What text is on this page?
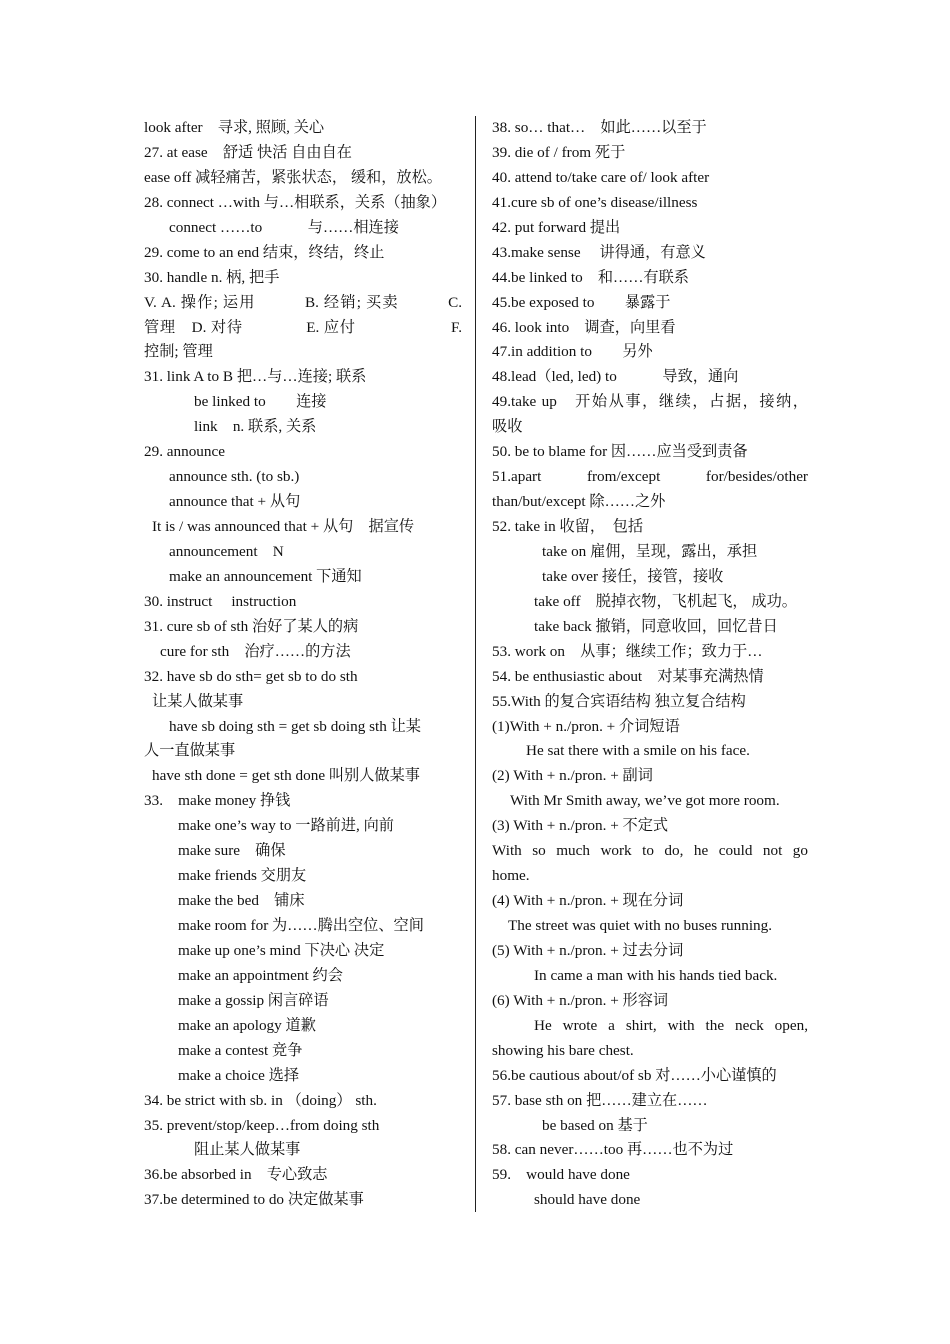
look after　寻求, 照顾, 关心
27. at ease　舒适 快活 自由自在
ease off 减轻痛苦，紧张状态， 缓和，放松。
28. connect …with 与…相联系，关系（抽象）
connect ……to　　　与……相连接
29. come to an end 结束，终结，终止
30. handle n. 柄, 把手
V. A. 操作; 运用　　　B. 经销; 买卖　　　C.
管理　D. 对待　　　　E. 应付　　　　　　F.
控制; 管理
31. link A to B 把…与…连接; 联系
be linked to　　连接
link　n. 联系, 关系
29. announce
announce sth. (to sb.)
announce that + 从句
It is / was announced that + 从句　据宣传
announcement　N
make an announcement 下通知
30. instruct　 instruction
31. cure sb of sth 治好了某人的病
cure for sth　治疗……的方法
32. have sb do sth= get sb to do sth
让某人做某事
have sb doing sth = get sb doing sth 让某
人一直做某事
have sth done = get sth done 叫别人做某事
33.　make money 挣钱
make one’s way to 一路前进, 向前
make sure　确保
make friends 交朋友
make the bed　铺床
make room for 为……腾出空位、空间
make up one’s mind 下决心 决定
make an appointment 约会
make a gossip 闲言碎语
make an apology 道歉
make a contest 竞争
make a choice 选择
34. be strict with sb. in （doing） sth.
35. prevent/stop/keep…from doing sth
阻止某人做某事
36.be absorbed in　专心致志
37.be determined to do 决定做某事
38. so… that…　如此……以至于
39. die of / from 死于
40. attend to/take care of/ look after
41.cure sb of one’s disease/illness
42. put forward 提出
43.make sense　 讲得通，有意义
44.be linked to　和……有联系
45.be exposed to　　暴露于
46. look into　调查，向里看
47.in addition to　　另外
48.lead（led, led) to　　　导致，通向
49.take up　开始从事，继续，占据，接纳，
吸收
50. be to blame for 因……应当受到责备
51.apart　　from/except　　for/besides/other
than/but/except 除……之外
52. take in 收留，　包括
take on 雇佣，呈现，露出，承担
take over 接任，接管，接收
take off　脱掉衣物，飞机起飞， 成功。
take back 撤销，同意收回，回忆昔日
53. work on　从事；继续工作；致力于…
54. be enthusiastic about　对某事充满热情
55.With 的复合宾语结构 独立复合结构
(1)With + n./pron. + 介词短语
He sat there with a smile on his face.
(2) With + n./pron. + 副词
With Mr Smith away, we’ve got more room.
(3) With + n./pron. + 不定式
With so much work to do, he could not go
home.
(4) With + n./pron. + 现在分词
The street was quiet with no buses running.
(5) With + n./pron. + 过去分词
In came a man with his hands tied back.
(6) With + n./pron. + 形容词
He wrote a shirt, with the neck open,
showing his bare chest.
56.be cautious about/of sb 对……小心谨慎的
57. base sth on 把……建立在……
be based on 基于
58. can never……too 再……也不为过
59.　would have done
should have done
